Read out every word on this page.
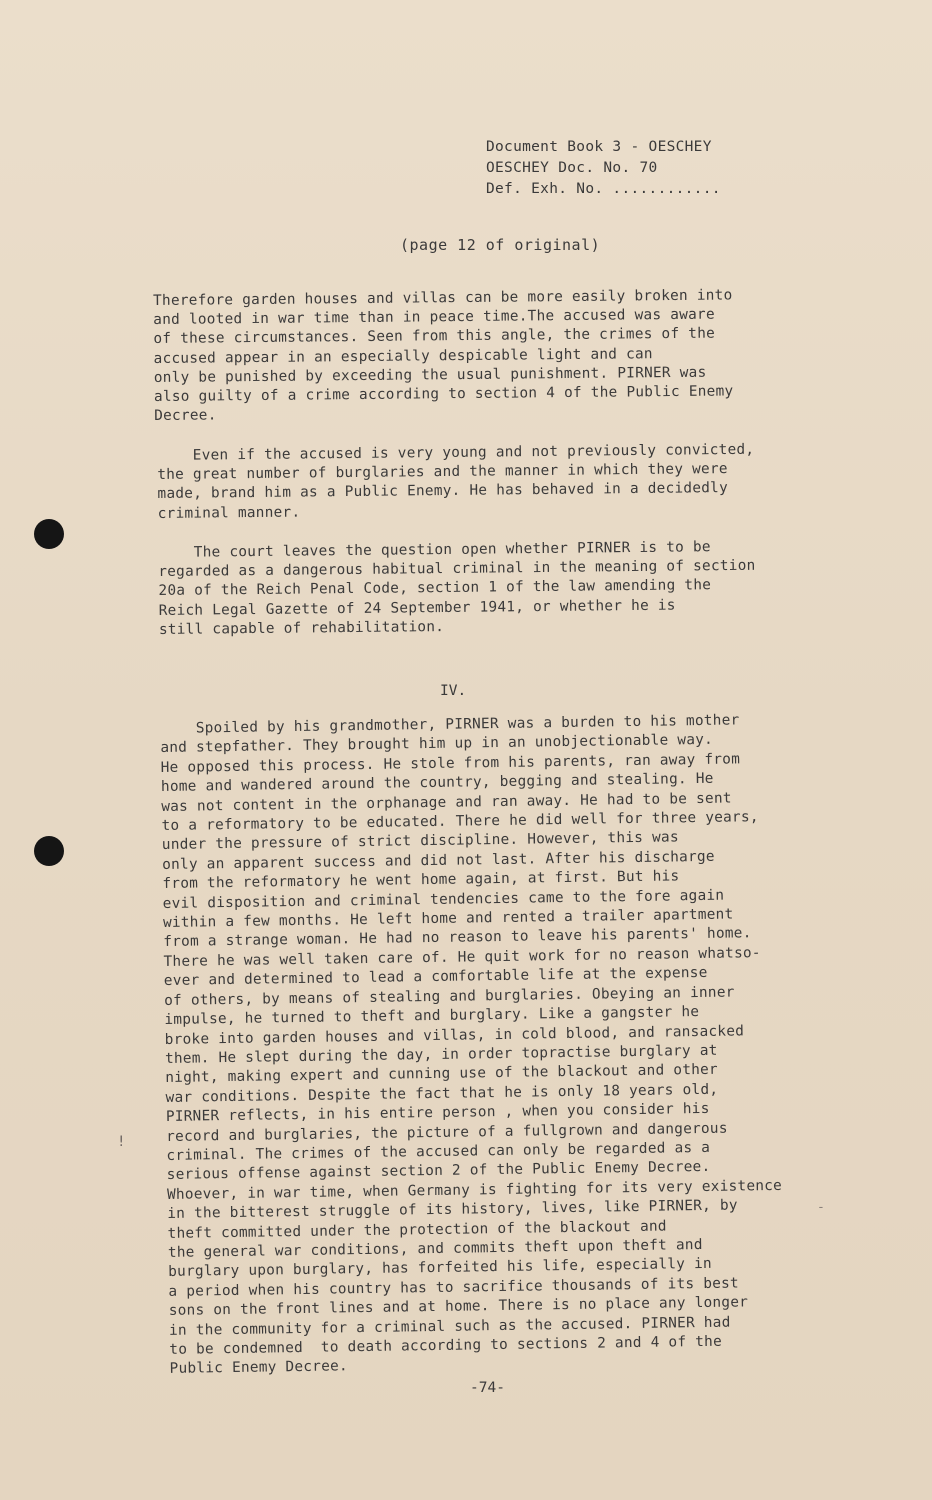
Document Book 3 - OESCHEY
OESCHEY Doc. No. 70
Def. Exh. No. ............
(page 12 of original)
Therefore garden houses and villas can be more easily broken into
and looted in war time than in peace time.The accused was aware
of these circumstances. Seen from this angle, the crimes of the
accused appear in an especially despicable light and can
only be punished by exceeding the usual punishment. PIRNER was
also guilty of a crime according to section 4 of the Public Enemy
Decree.
Even if the accused is very young and not previously convicted,
the great number of burglaries and the manner in which they were
made, brand him as a Public Enemy. He has behaved in a decidedly
criminal manner.
The court leaves the question open whether PIRNER is to be
regarded as a dangerous habitual criminal in the meaning of section
20a of the Reich Penal Code, section 1 of the law amending the
Reich Legal Gazette of 24 September 1941, or whether he is
still capable of rehabilitation.
IV.
Spoiled by his grandmother, PIRNER was a burden to his mother
and stepfather. They brought him up in an unobjectionable way.
He opposed this process. He stole from his parents, ran away from
home and wandered around the country, begging and stealing. He
was not content in the orphanage and ran away. He had to be sent
to a reformatory to be educated. There he did well for three years,
under the pressure of strict discipline. However, this was
only an apparent success and did not last. After his discharge
from the reformatory he went home again, at first. But his
evil disposition and criminal tendencies came to the fore again
within a few months. He left home and rented a trailer apartment
from a strange woman. He had no reason to leave his parents' home.
There he was well taken care of. He quit work for no reason whatso-
ever and determined to lead a comfortable life at the expense
of others, by means of stealing and burglaries. Obeying an inner
impulse, he turned to theft and burglary. Like a gangster he
broke into garden houses and villas, in cold blood, and ransacked
them. He slept during the day, in order topractise burglary at
night, making expert and cunning use of the blackout and other
war conditions. Despite the fact that he is only 18 years old,
PIRNER reflects, in his entire person , when you consider his
record and burglaries, the picture of a fullgrown and dangerous
criminal. The crimes of the accused can only be regarded as a
serious offense against section 2 of the Public Enemy Decree.
Whoever, in war time, when Germany is fighting for its very existence
in the bitterest struggle of its history, lives, like PIRNER, by
theft committed under the protection of the blackout and
the general war conditions, and commits theft upon theft and
burglary upon burglary, has forfeited his life, especially in
a period when his country has to sacrifice thousands of its best
sons on the front lines and at home. There is no place any longer
in the community for a criminal such as the accused. PIRNER had
to be condemned  to death according to sections 2 and 4 of the
Public Enemy Decree.
!
-
-74-
